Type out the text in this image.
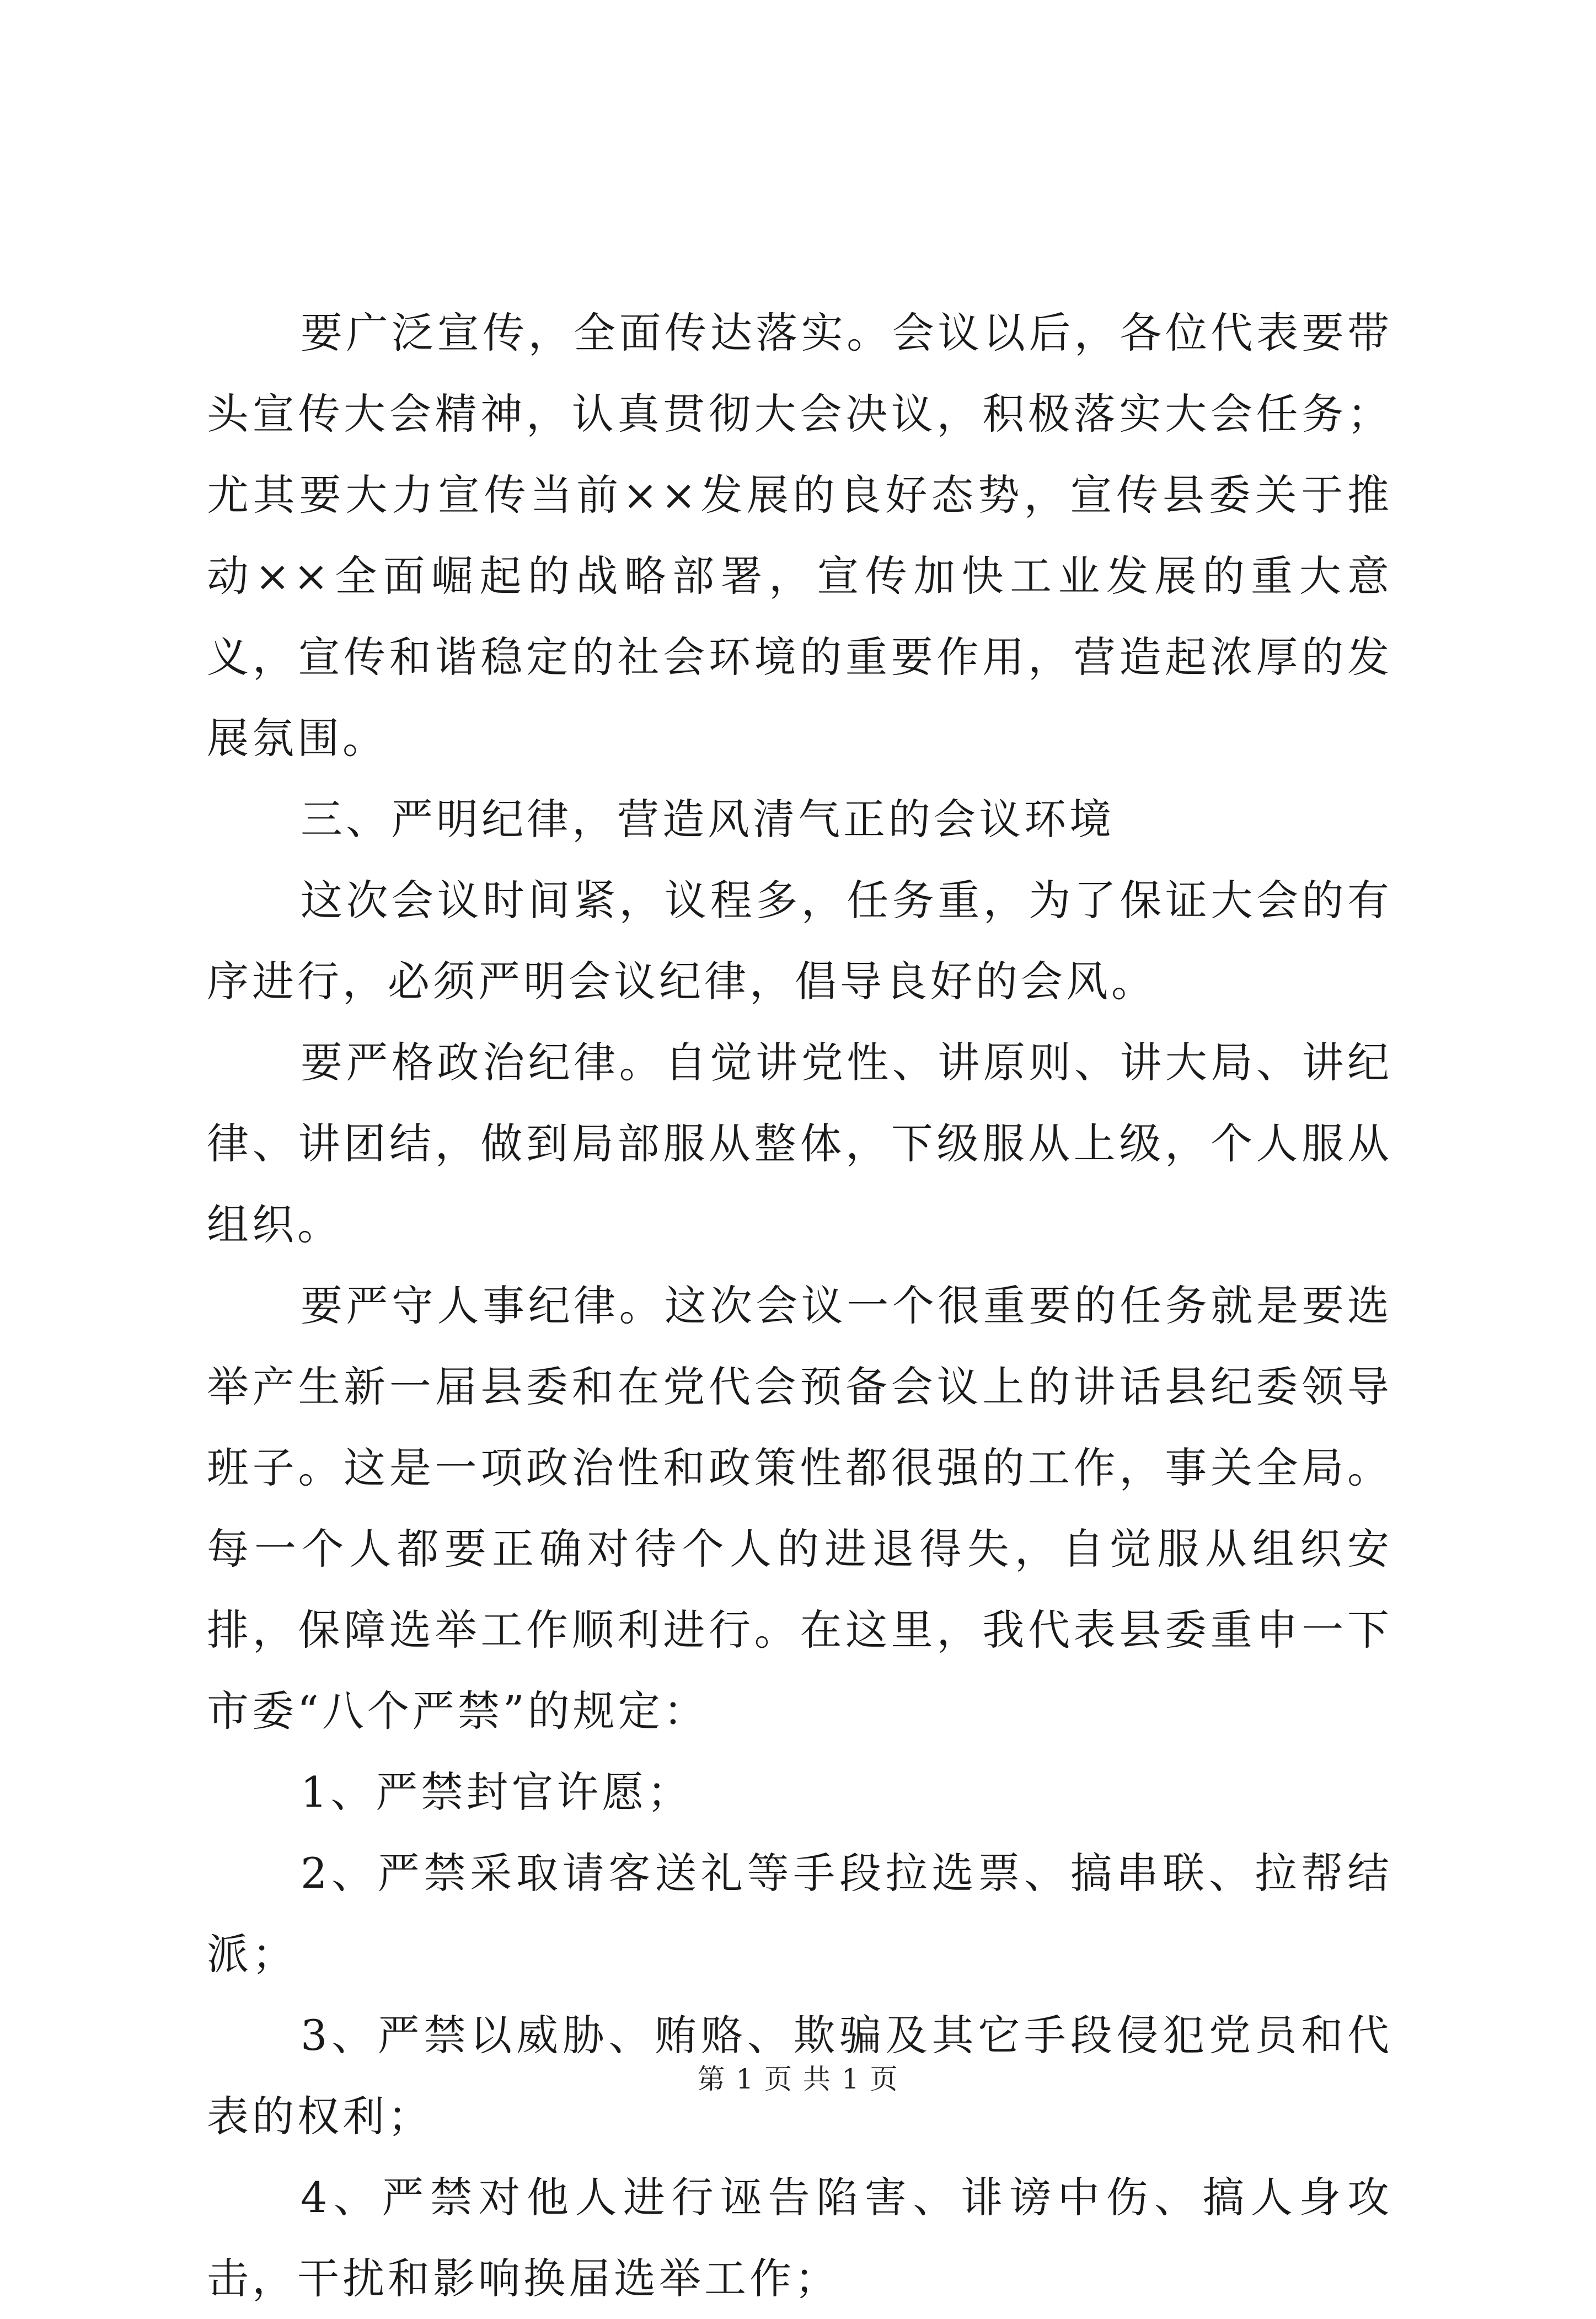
要广泛宣传，全面传达落实。会议以后，各位代表要带头宣传大会精神，认真贯彻大会决议，积极落实大会任务；尤其要大力宣传当前××发展的良好态势，宣传县委关于推动××全面崛起的战略部署，宣传加快工业发展的重大意义，宣传和谐稳定的社会环境的重要作用，营造起浓厚的发展氛围。

三、严明纪律，营造风清气正的会议环境

这次会议时间紧，议程多，任务重，为了保证大会的有序进行，必须严明会议纪律，倡导良好的会风。

要严格政治纪律。自觉讲党性、讲原则、讲大局、讲纪律、讲团结，做到局部服从整体，下级服从上级，个人服从组织。

要严守人事纪律。这次会议一个很重要的任务就是要选举产生新一届县委和在党代会预备会议上的讲话县纪委领导班子。这是一项政治性和政策性都很强的工作，事关全局。每一个人都要正确对待个人的进退得失，自觉服从组织安排，保障选举工作顺利进行。在这里，我代表县委重申一下市委“八个严禁”的规定：

1、严禁封官许愿；

2、严禁采取请客送礼等手段拉选票、搞串联、拉帮结派；

3、严禁以威胁、贿赂、欺骗及其它手段侵犯党员和代表的权利；

4、严禁对他人进行诬告陷害、诽谤中伤、搞人身攻击，干扰和影响换届选举工作；

第 1 页 共 1 页
